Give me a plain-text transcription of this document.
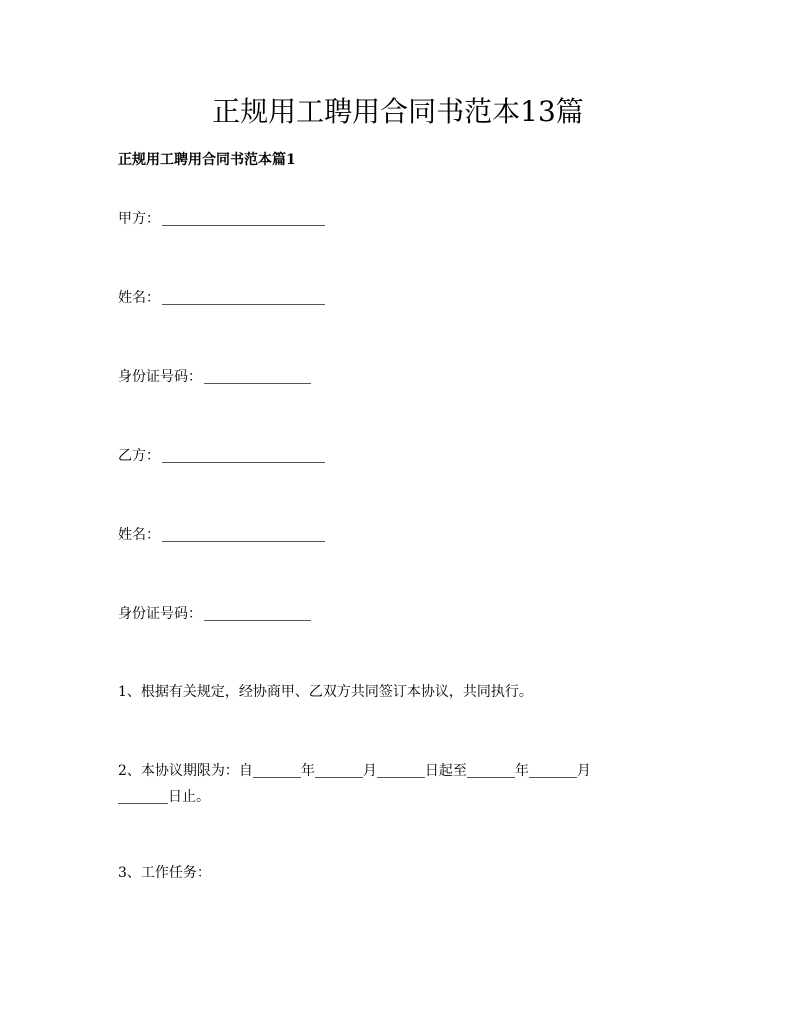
正规用工聘用合同书范本13篇
正规用工聘用合同书范本篇1

甲方：

姓名：

身份证号码：

乙方：

姓名：

身份证号码：

1、根据有关规定，经协商甲、乙双方共同签订本协议，共同执行。

2、本协议期限为：自	年	月	日起至	年	月
日止。

3、工作任务：
